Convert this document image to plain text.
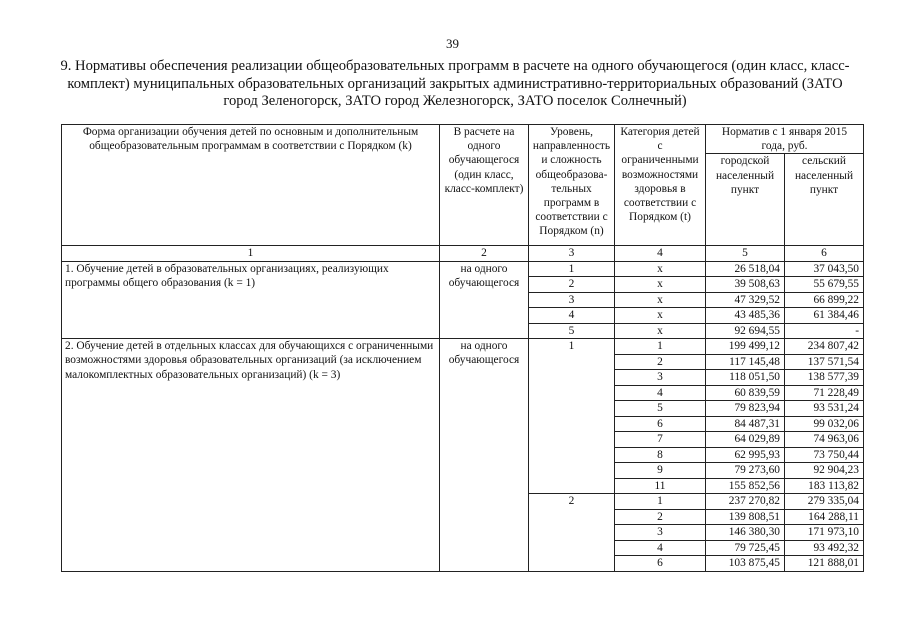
39
9. Нормативы обеспечения реализации общеобразовательных программ в расчете на одного обучающегося (один класс, класс-комплект) муниципальных образовательных организаций закрытых административно-территориальных образований (ЗАТО город Зеленогорск, ЗАТО город Железногорск, ЗАТО поселок Солнечный)
Форма организации обучения детей по основным и дополнительным общеобразовательным программам в соответствии с Порядком (k)	В расчете на одного обучающегося (один класс, класс-комплект)	Уровень, направленность и сложность общеобразова-тельных программ в соответствии с Порядком (n)	Категория детей с ограниченными возможностями здоровья в соответствии с Порядком (t)	Норматив с 1 января 2015 года, руб.	
				городской населенный пункт	сельский населенный пункт
1	2	3	4	5	6
1. Обучение детей в образовательных организациях, реализующих программы общего образования (k = 1)	на одного обучающегося	1	х	26 518,04	37 043,50
		2	х	39 508,63	55 679,55
		3	х	47 329,52	66 899,22
		4	х	43 485,36	61 384,46
		5	х	92 694,55	-
2. Обучение детей в отдельных классах для обучающихся с ограниченными возможностями здоровья образовательных организаций (за исключением малокомплектных образовательных организаций) (k = 3)	на одного обучающегося	1	1	199 499,12	234 807,42
			2	117 145,48	137 571,54
			3	118 051,50	138 577,39
			4	60 839,59	71 228,49
			5	79 823,94	93 531,24
			6	84 487,31	99 032,06
			7	64 029,89	74 963,06
			8	62 995,93	73 750,44
			9	79 273,60	92 904,23
			11	155 852,56	183 113,82
		2	1	237 270,82	279 335,04
			2	139 808,51	164 288,11
			3	146 380,30	171 973,10
			4	79 725,45	93 492,32
			6	103 875,45	121 888,01
